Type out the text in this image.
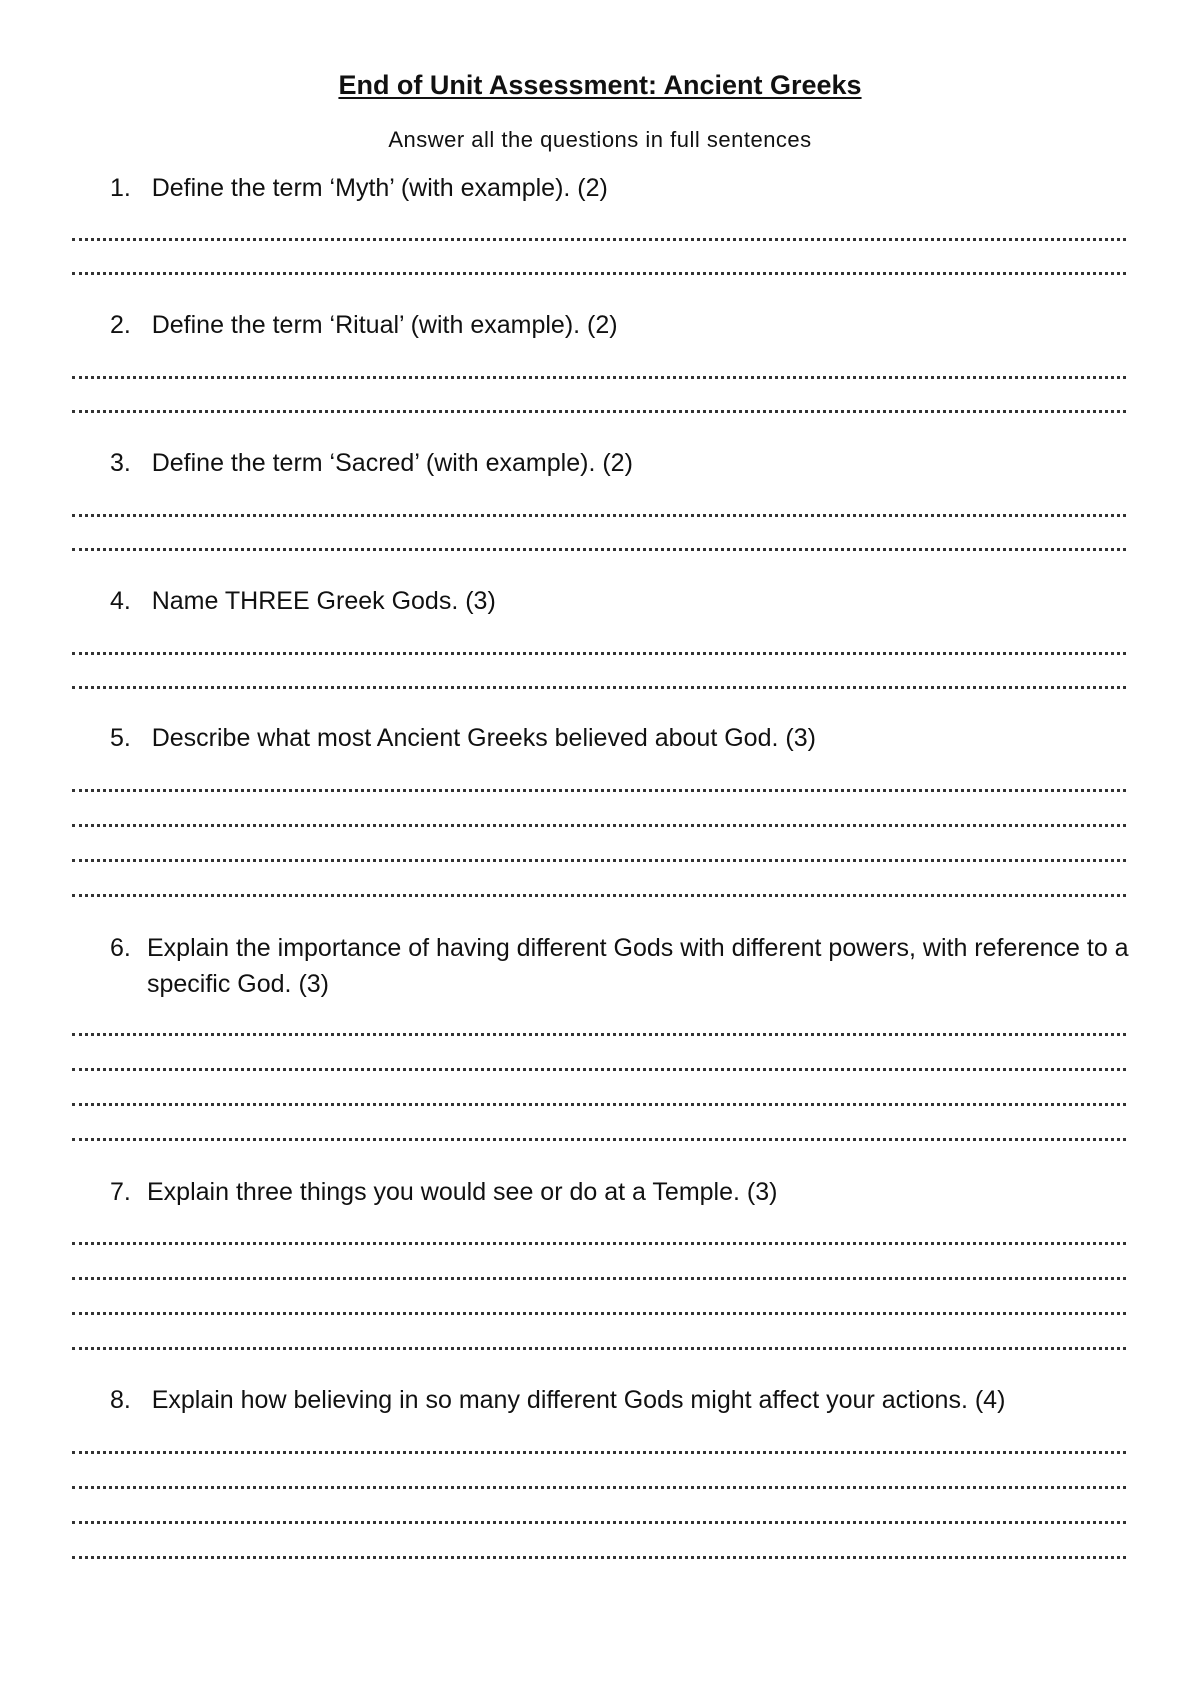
End of Unit Assessment: Ancient Greeks

Answer all the questions in full sentences

1. Define the term ‘Myth’ (with example). (2)

2. Define the term ‘Ritual’ (with example). (2)

3. Define the term ‘Sacred’ (with example). (2)

4. Name THREE Greek Gods. (3)

5. Describe what most Ancient Greeks believed about God. (3)

6. Explain the importance of having different Gods with different powers, with reference to a specific God. (3)
7. Explain three things you would see or do at a Temple. (3)

8. Explain how believing in so many different Gods might affect your actions. (4)
